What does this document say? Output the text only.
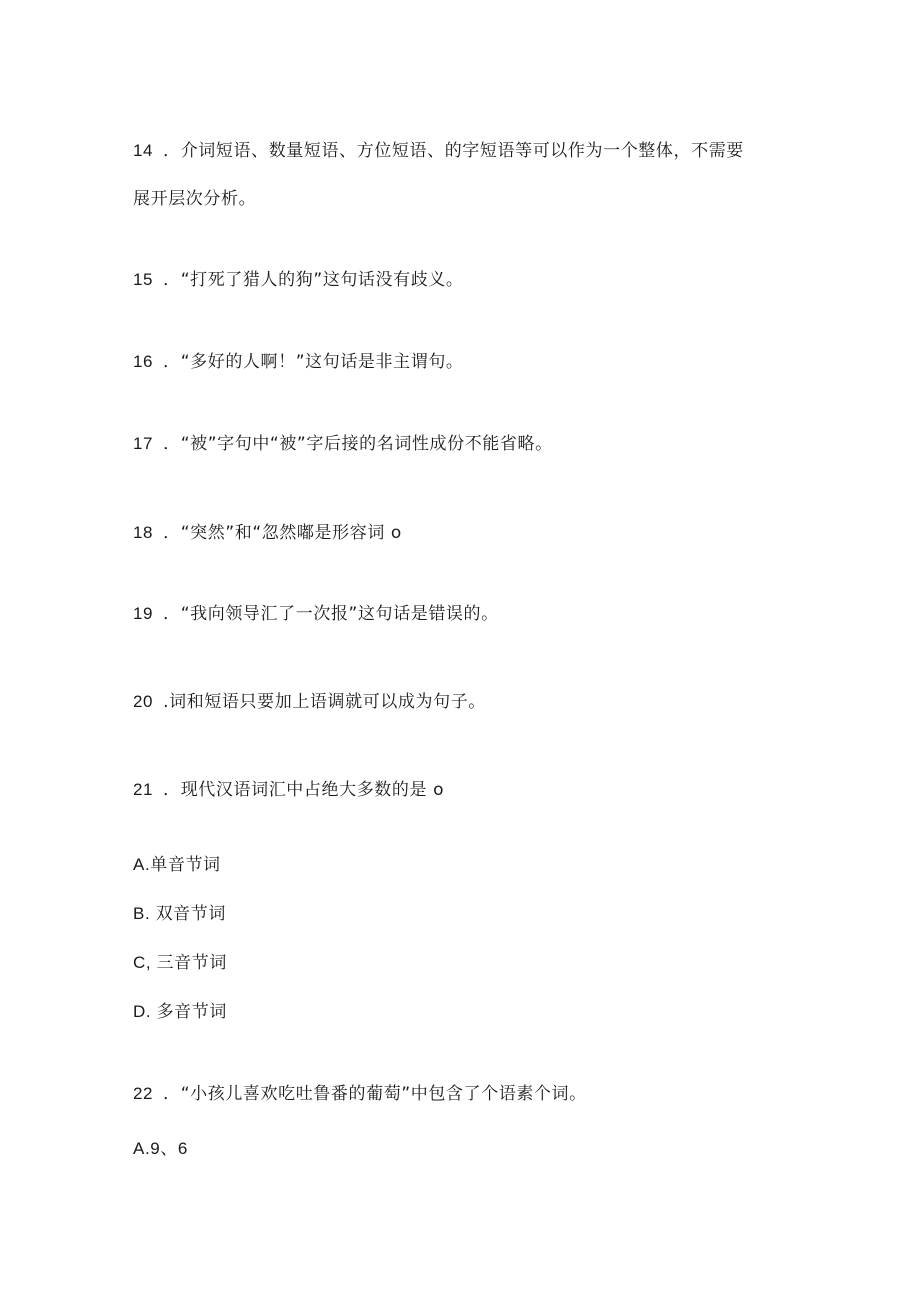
14 ．介词短语、数量短语、方位短语、的字短语等可以作为一个整体，不需要
展开层次分析。
15 ．“打死了猎人的狗”这句话没有歧义。
16 ．“多好的人啊！”这句话是非主谓句。
17 ．“被”字句中“被”字后接的名词性成份不能省略。
18 ．“突然”和“忽然嘟是形容词 o
19 ．“我向领导汇了一次报”这句话是错误的。
20 .词和短语只要加上语调就可以成为句子。
21 ．现代汉语词汇中占绝大多数的是 o
A.单音节词
B. 双音节词
C, 三音节词
D. 多音节词
22 ．“小孩儿喜欢吃吐鲁番的葡萄”中包含了个语素个词。
A.9、6
